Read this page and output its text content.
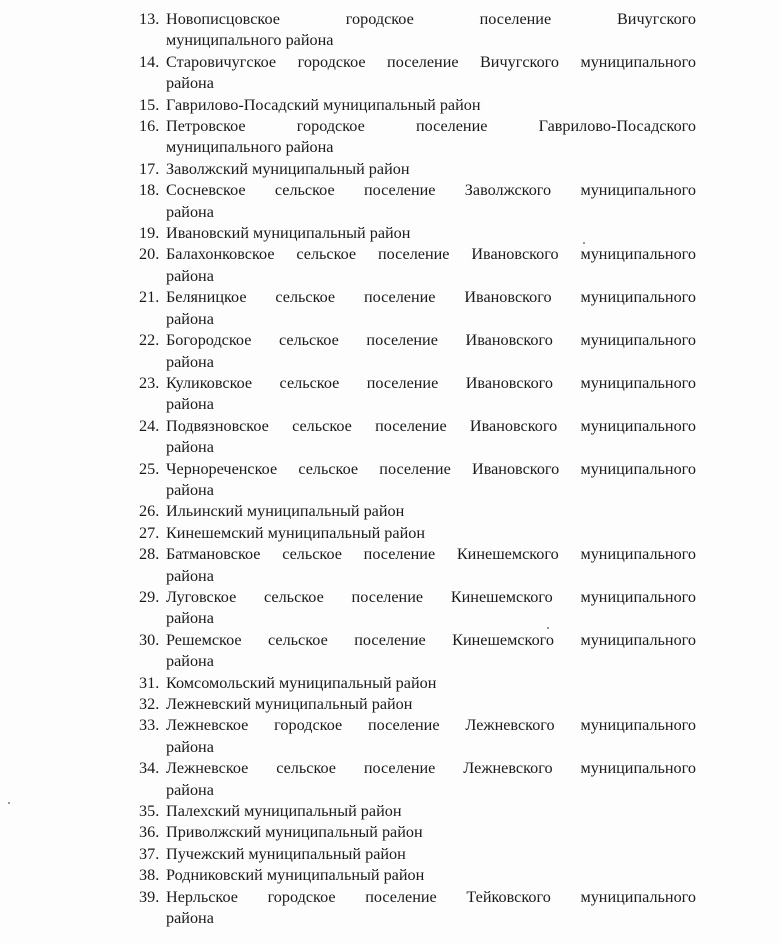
13. Новописцовское городское поселение Вичугского
муниципального района
14. Старовичугское городское поселение Вичугского муниципального
района
15. Гаврилово-Посадский муниципальный район
16. Петровское городское поселение Гаврилово-Посадского
муниципального района
17. Заволжский муниципальный район
18. Сосневское сельское поселение Заволжского муниципального
района
19. Ивановский муниципальный район
20. Балахонковское сельское поселение Ивановского муниципального
района
21. Беляницкое сельское поселение Ивановского муниципального
района
22. Богородское сельское поселение Ивановского муниципального
района
23. Куликовское сельское поселение Ивановского муниципального
района
24. Подвязновское сельское поселение Ивановского муниципального
района
25. Чернореченское сельское поселение Ивановского муниципального
района
26. Ильинский муниципальный район
27. Кинешемский муниципальный район
28. Батмановское сельское поселение Кинешемского муниципального
района
29. Луговское сельское поселение Кинешемского муниципального
района
30. Решемское сельское поселение Кинешемского муниципального
района
31. Комсомольский муниципальный район
32. Лежневский муниципальный район
33. Лежневское городское поселение Лежневского муниципального
района
34. Лежневское сельское поселение Лежневского муниципального
района
35. Палехский муниципальный район
36. Приволжский муниципальный район
37. Пучежский муниципальный район
38. Родниковский муниципальный район
39. Нерльское городское поселение Тейковского муниципального
района
